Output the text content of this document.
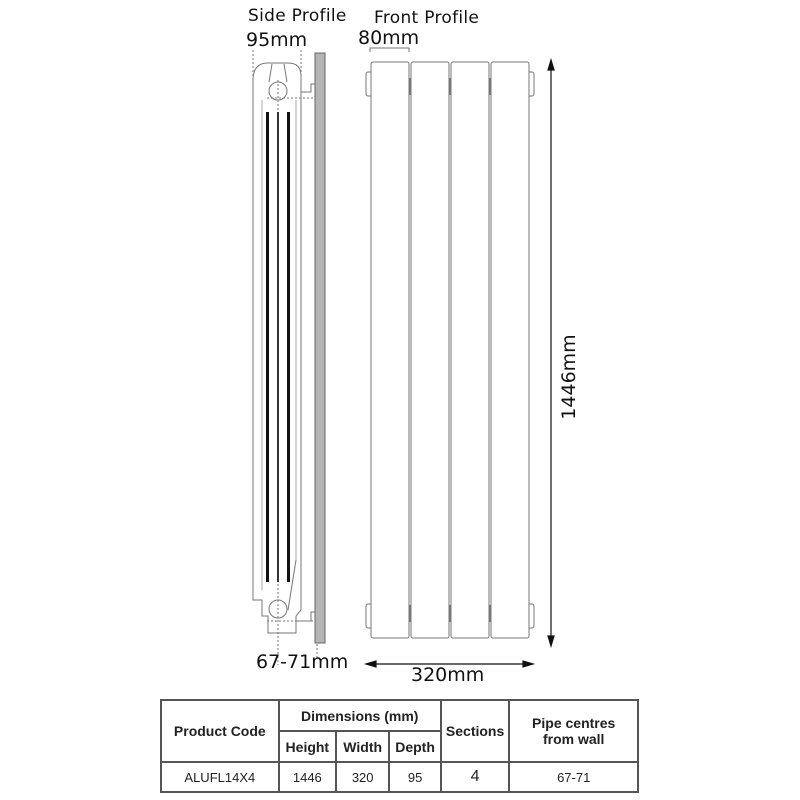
Side Profile Front Profile
95mm	80mm
67-71mm
320mm
1446mm
Product Code	Dimensions (mm)			Sections	Pipe centres from wall
	Height	Width	Depth		
ALUFL14X4	1446	320	95	4	67-71
